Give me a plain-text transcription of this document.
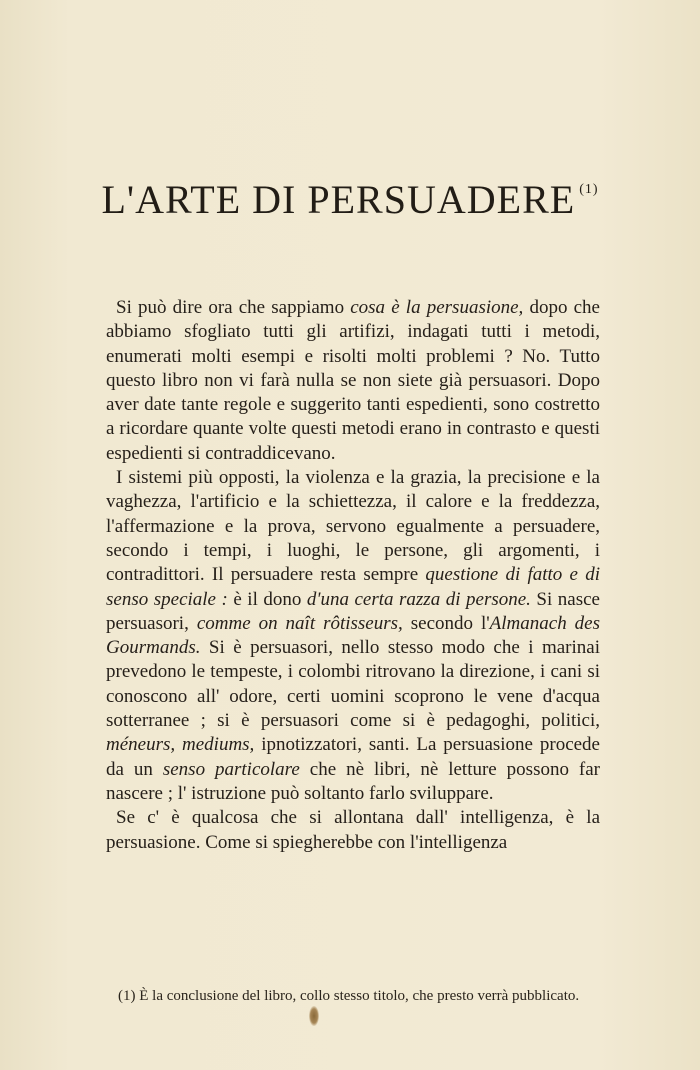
L'ARTE DI PERSUADERE $^{(1)}$

Si può dire ora che sappiamo cosa è la persuasione, dopo che abbiamo sfogliato tutti gli artifizi, indagati tutti i metodi, enumerati molti esempi e risolti molti problemi ? No. Tutto questo libro non vi farà nulla se non siete già persuasori. Dopo aver date tante regole e suggerito tanti espedienti, sono costretto a ricordare quante volte questi metodi erano in contrasto e questi espedienti si contraddicevano.

I sistemi più opposti, la violenza e la grazia, la precisione e la vaghezza, l'artificio e la schiettezza, il calore e la freddezza, l'affermazione e la prova, servono egualmente a persuadere, secondo i tempi, i luoghi, le persone, gli argomenti, i contradittori. Il persuadere resta sempre questione di fatto e di senso speciale : è il dono d'una certa razza di persone. Si nasce persuasori, comme on naît rôtisseurs, secondo l'Almanach des Gourmands. Si è persuasori, nello stesso modo che i marinai prevedono le tempeste, i colombi ritrovano la direzione, i cani si conoscono all' odore, certi uomini scoprono le vene d'acqua sotterranee ; si è persuasori come si è pedagoghi, politici, méneurs, mediums, ipnotizzatori, santi. La persuasione procede da un senso particolare che nè libri, nè letture possono far nascere ; l' istruzione può soltanto farlo sviluppare.

Se c' è qualcosa che si allontana dall' intelligenza, è la persuasione. Come si spiegherebbe con l'intelligenza

(1) È la conclusione del libro, collo stesso titolo, che presto verrà pubblicato.
